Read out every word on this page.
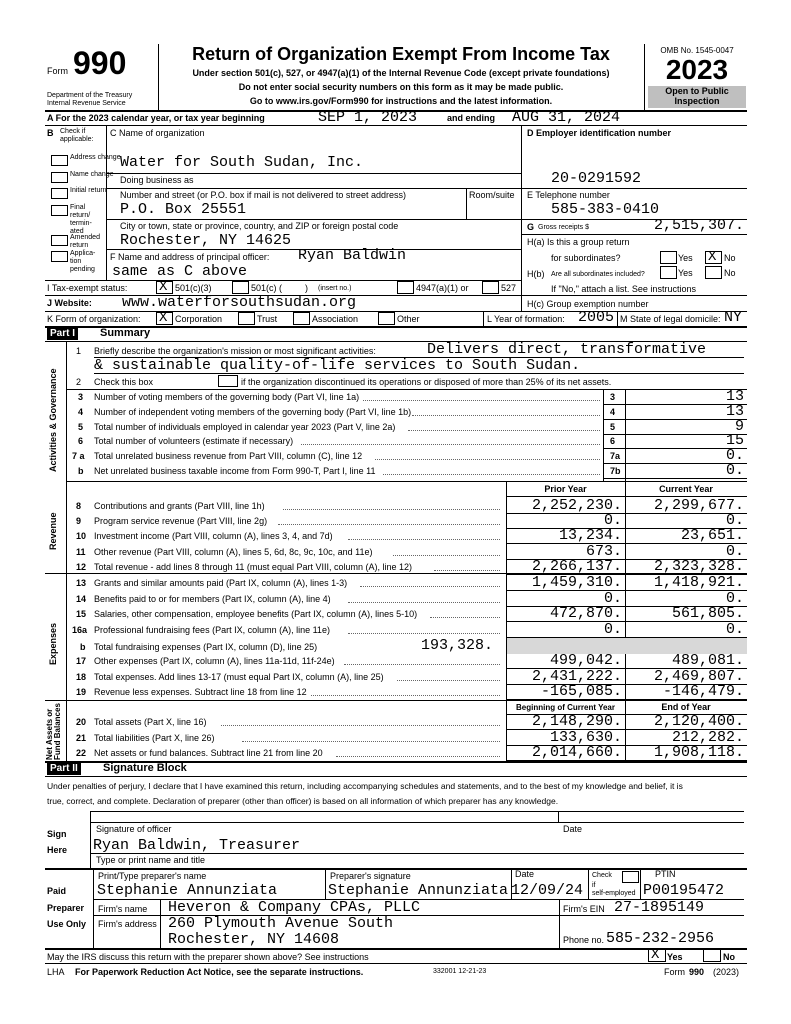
Form 990
Department of the Treasury
Internal Revenue Service
Return of Organization Exempt From Income Tax
Under section 501(c), 527, or 4947(a)(1) of the Internal Revenue Code (except private foundations)
Do not enter social security numbers on this form as it may be made public.
Go to www.irs.gov/Form990 for instructions and the latest information.
OMB No. 1545-0047
2023
Open to Public
Inspection
A For the 2023 calendar year, or tax year beginning	SEP 1, 2023	and ending AUG 31, 2024
B Check if
applicable:
Address change
Name change
Initial return
Final return/ termin- ated
Amended return
Applica- tion pending
C Name of organization
Water for South Sudan, Inc.
Doing business as
Number and street (or P.O. box if mail is not delivered to street address)	Room/suite
P.O. Box 25551
City or town, state or province, country, and ZIP or foreign postal code
Rochester, NY 14625
F Name and address of principal officer: Ryan Baldwin
same as C above
D Employer identification number
20-0291592
E Telephone number
585-383-0410
G Gross receipts $	2,515,307.
H(a) Is this a group return
for subordinates?	Yes X No
H(b) Are all subordinates included?	Yes	No
If "No," attach a list. See instructions
I Tax-exempt status: X 501(c)(3)	501(c) (	) (insert no.)	4947(a)(1) or	527
J Website: www.waterforsouthsudan.org	H(c) Group exemption number
K Form of organization: X Corporation	Trust	Association	Other	L Year of formation: 2005 M State of legal domicile: NY
Part I Summary
Activities & Governance
Revenue
Expenses
Net Assets or Fund Balances
1 Briefly describe the organization's mission or most significant activities:	Delivers direct, transformative
& sustainable quality-of-life services to South Sudan.
2 Check this box	if the organization discontinued its operations or disposed of more than 25% of its net assets.
Prior Year	Current Year
b Total fundraising expenses (Part IX, column (D), line 25)	193,328.
Beginning of Current Year	End of Year
Part II Signature Block
Under penalties of perjury, I declare that I have examined this return, including accompanying schedules and statements, and to the best of my knowledge and belief, it is
true, correct, and complete. Declaration of preparer (other than officer) is based on all information of which preparer has any knowledge.
Sign
Here
Signature of officer	Date
Ryan Baldwin, Treasurer
Type or print name and title
Paid
Preparer
Use Only
Print/Type preparer's name	Preparer's signature	Date	Check
if
self-employed
PTIN
Stephanie Annunziata	Stephanie Annunziata 12/09/24	P00195472
Firm's name Heveron & Company CPAs, PLLC	Firm's EIN 27-1895149
Firm's address 260 Plymouth Avenue South
Rochester, NY 14608	Phone no. 585-232-2956
May the IRS discuss this return with the preparer shown above? See instructions	X Yes	No
LHA For Paperwork Reduction Act Notice, see the separate instructions.	332001 12-21-23	Form 990 (2023)
3 Number of voting members of the governing body (Part VI, line 1a)	3	13
4 Number of independent voting members of the governing body (Part VI, line 1b)	4	13
5 Total number of individuals employed in calendar year 2023 (Part V, line 2a)	5	9
6 Total number of volunteers (estimate if necessary)	6	15
7 a Total unrelated business revenue from Part VIII, column (C), line 12	7a	0.
b Net unrelated business taxable income from Form 990-T, Part I, line 11	7b	0.
8 Contributions and grants (Part VIII, line 1h)	2,252,230.	2,299,677.
9 Program service revenue (Part VIII, line 2g)	0.	0.
10 Investment income (Part VIII, column (A), lines 3, 4, and 7d)	13,234.	23,651.
11 Other revenue (Part VIII, column (A), lines 5, 6d, 8c, 9c, 10c, and 11e)	673.	0.
12 Total revenue - add lines 8 through 11 (must equal Part VIII, column (A), line 12)	2,266,137.	2,323,328.
13 Grants and similar amounts paid (Part IX, column (A), lines 1-3)	1,459,310.	1,418,921.
14 Benefits paid to or for members (Part IX, column (A), line 4)	0.	0.
15 Salaries, other compensation, employee benefits (Part IX, column (A), lines 5-10)	472,870.	561,805.
16a Professional fundraising fees (Part IX, column (A), line 11e)	0.	0.
17 Other expenses (Part IX, column (A), lines 11a-11d, 11f-24e)	499,042.	489,081.
18 Total expenses. Add lines 13-17 (must equal Part IX, column (A), line 25)	2,431,222.	2,469,807.
19 Revenue less expenses. Subtract line 18 from line 12	-165,085.	-146,479.
20 Total assets (Part X, line 16)	2,148,290.	2,120,400.
21 Total liabilities (Part X, line 26)	133,630.	212,282.
22 Net assets or fund balances. Subtract line 21 from line 20	2,014,660.	1,908,118.
